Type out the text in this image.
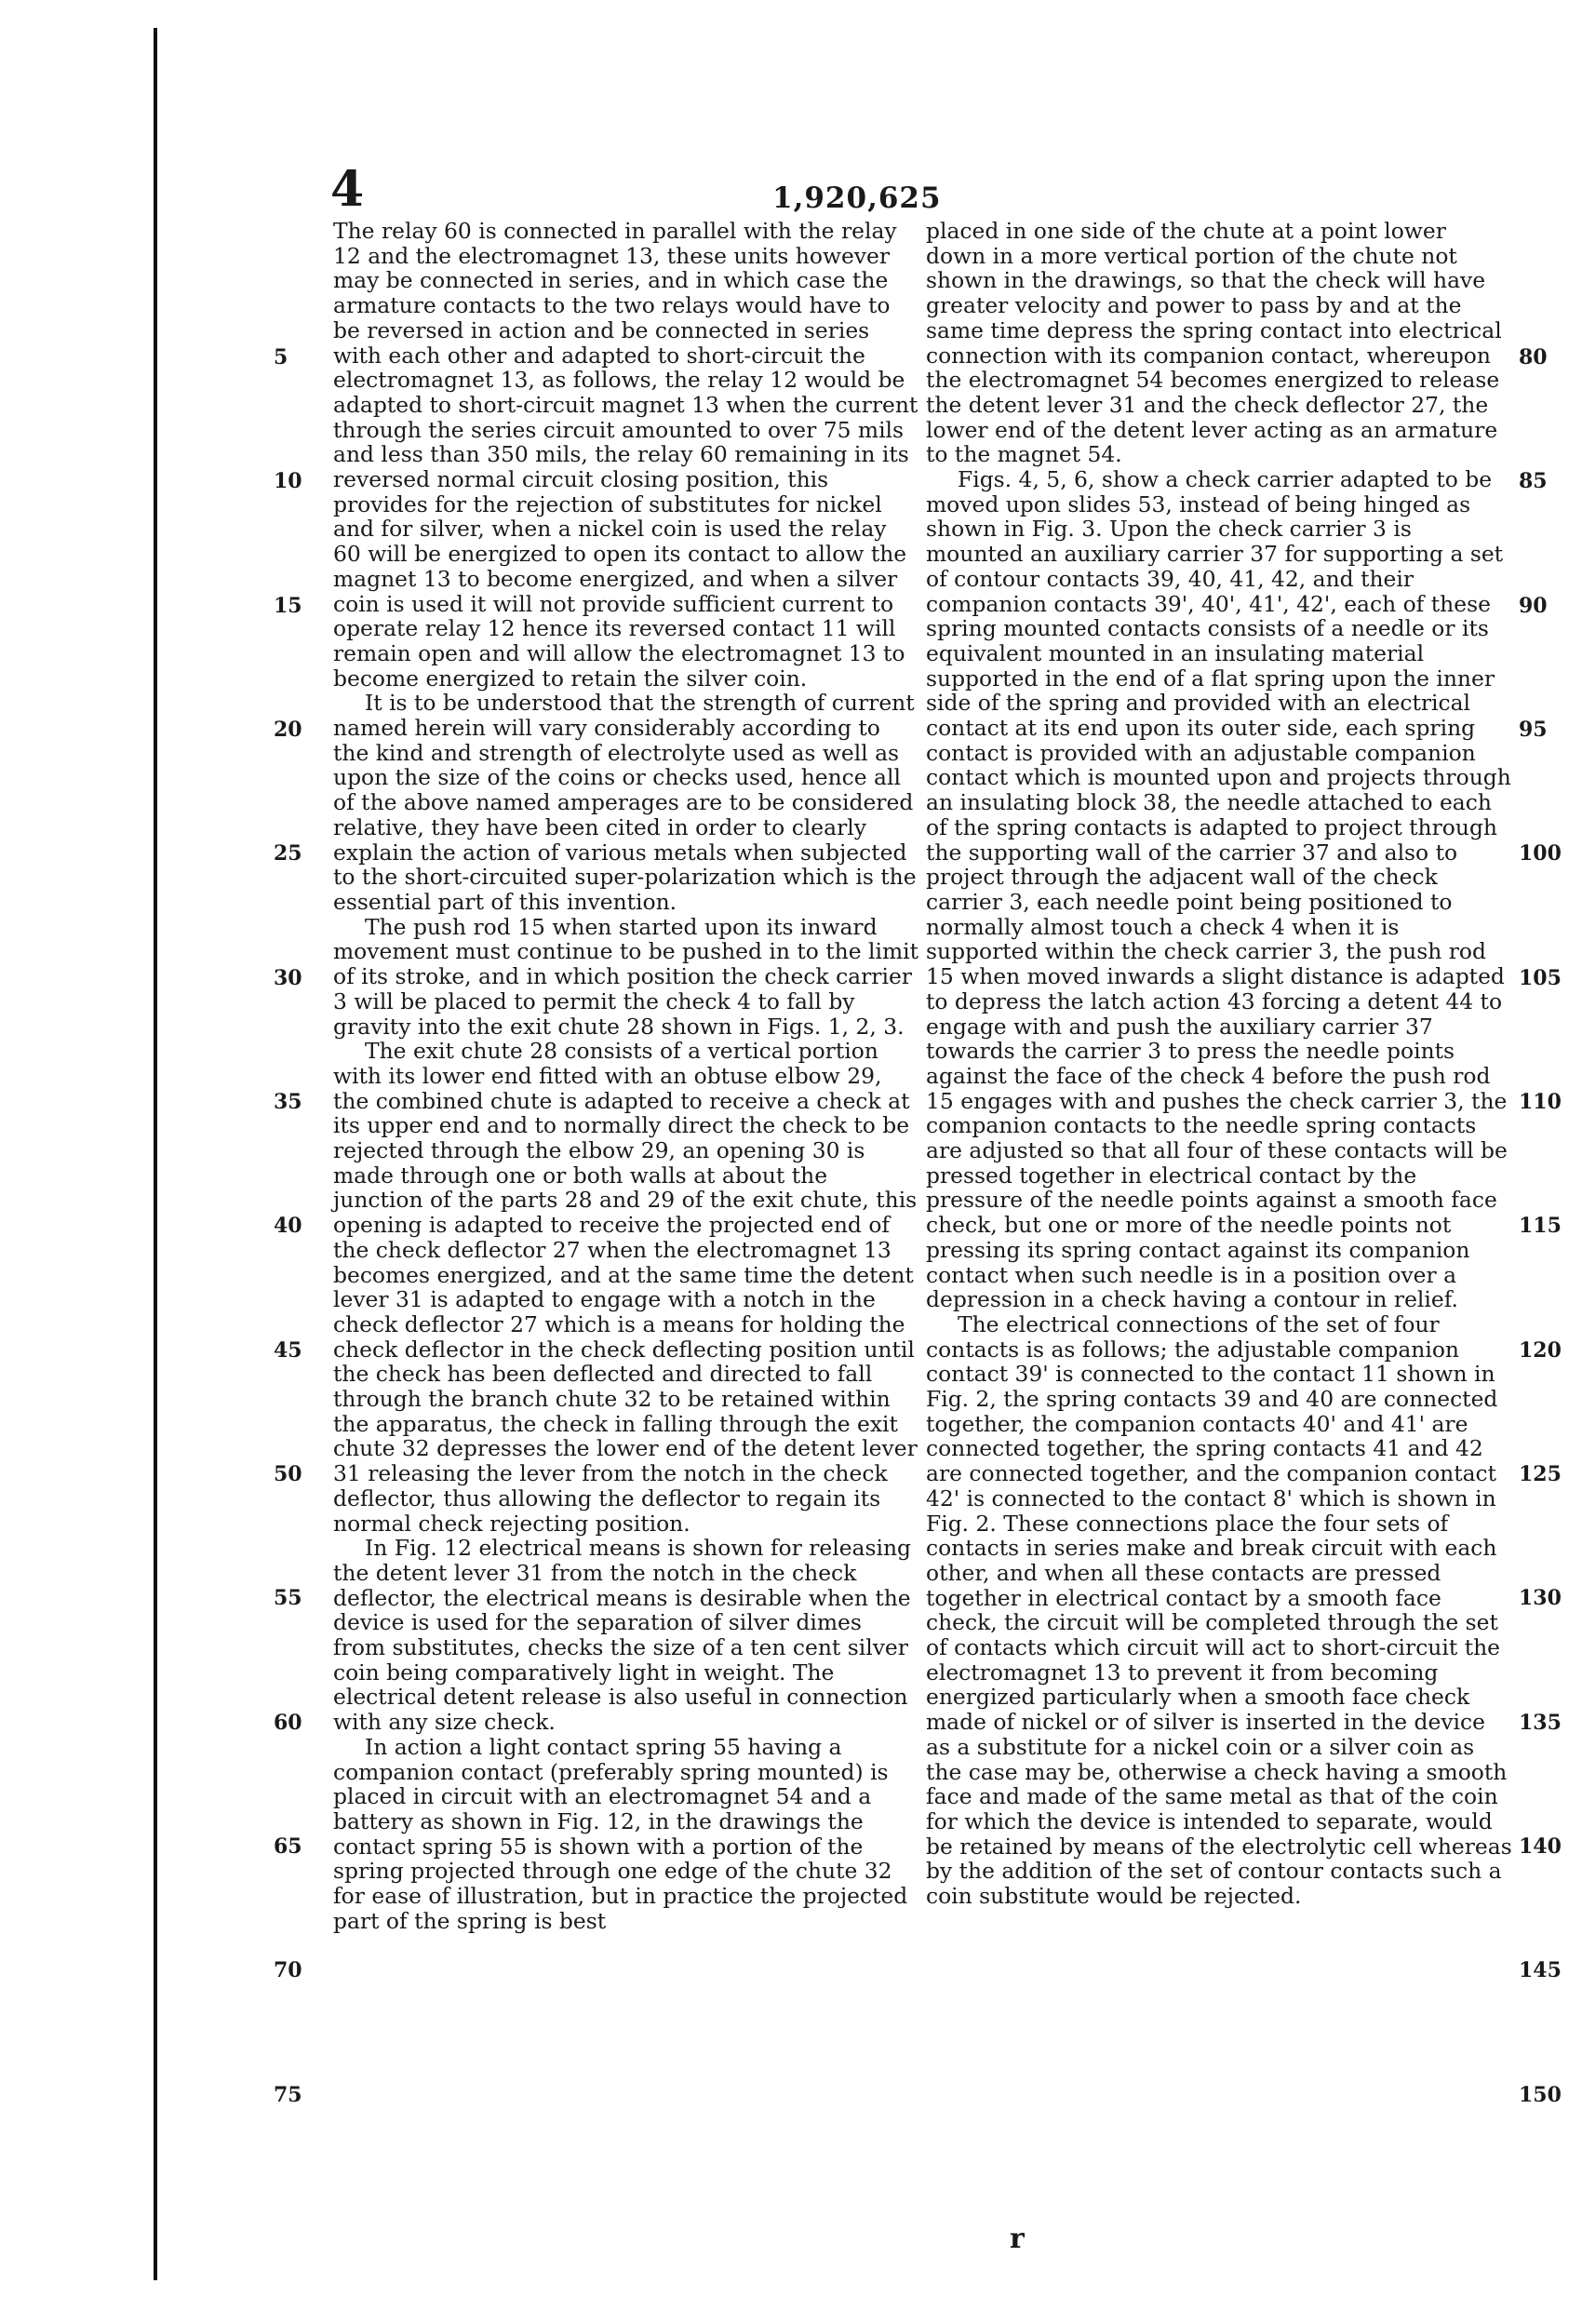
4	1,920,625

The relay 60 is connected in parallel with the relay 12 and the electromagnet 13, these units however may be connected in series, and in which case the armature contacts to the two relays would have to be reversed in action and be connected in series with each other and adapted to short-circuit the electromagnet 13, as follows, the relay 12 would be adapted to short-circuit magnet 13 when the current through the series circuit amounted to over 75 mils and less than 350 mils, the relay 60 remaining in its reversed normal circuit closing position, this provides for the rejection of substitutes for nickel and for silver, when a nickel coin is used the relay 60 will be energized to open its contact to allow the magnet 13 to become energized, and when a silver coin is used it will not provide sufficient current to operate relay 12 hence its reversed contact 11 will remain open and will allow the electromagnet 13 to become energized to retain the silver coin.

It is to be understood that the strength of current named herein will vary considerably according to the kind and strength of electrolyte used as well as upon the size of the coins or checks used, hence all of the above named amperages are to be considered relative, they have been cited in order to clearly explain the action of various metals when subjected to the short-circuited super-polarization which is the essential part of this invention.

The push rod 15 when started upon its inward movement must continue to be pushed in to the limit of its stroke, and in which position the check carrier 3 will be placed to permit the check 4 to fall by gravity into the exit chute 28 shown in Figs. 1, 2, 3.

The exit chute 28 consists of a vertical portion with its lower end fitted with an obtuse elbow 29, the combined chute is adapted to receive a check at its upper end and to normally direct the check to be rejected through the elbow 29, an opening 30 is made through one or both walls at about the junction of the parts 28 and 29 of the exit chute, this opening is adapted to receive the projected end of the check deflector 27 when the electromagnet 13 becomes energized, and at the same time the detent lever 31 is adapted to engage with a notch in the check deflector 27 which is a means for holding the check deflector in the check deflecting position until the check has been deflected and directed to fall through the branch chute 32 to be retained within the apparatus, the check in falling through the exit chute 32 depresses the lower end of the detent lever 31 releasing the lever from the notch in the check deflector, thus allowing the deflector to regain its normal check rejecting position.

In Fig. 12 electrical means is shown for releasing the detent lever 31 from the notch in the check deflector, the electrical means is desirable when the device is used for the separation of silver dimes from substitutes, checks the size of a ten cent silver coin being comparatively light in weight. The electrical detent release is also useful in connection with any size check.

In action a light contact spring 55 having a companion contact (preferably spring mounted) is placed in circuit with an electromagnet 54 and a battery as shown in Fig. 12, in the drawings the contact spring 55 is shown with a portion of the spring projected through one edge of the chute 32 for ease of illustration, but in practice the projected part of the spring is best

placed in one side of the chute at a point lower down in a more vertical portion of the chute not shown in the drawings, so that the check will have greater velocity and power to pass by and at the same time depress the spring contact into electrical connection with its companion contact, whereupon the electromagnet 54 becomes energized to release the detent lever 31 and the check deflector 27, the lower end of the detent lever acting as an armature to the magnet 54.

Figs. 4, 5, 6, show a check carrier adapted to be moved upon slides 53, instead of being hinged as shown in Fig. 3. Upon the check carrier 3 is mounted an auxiliary carrier 37 for supporting a set of contour contacts 39, 40, 41, 42, and their companion contacts 39', 40', 41', 42', each of these spring mounted contacts consists of a needle or its equivalent mounted in an insulating material supported in the end of a flat spring upon the inner side of the spring and provided with an electrical contact at its end upon its outer side, each spring contact is provided with an adjustable companion contact which is mounted upon and projects through an insulating block 38, the needle attached to each of the spring contacts is adapted to project through the supporting wall of the carrier 37 and also to project through the adjacent wall of the check carrier 3, each needle point being positioned to normally almost touch a check 4 when it is supported within the check carrier 3, the push rod 15 when moved inwards a slight distance is adapted to depress the latch action 43 forcing a detent 44 to engage with and push the auxiliary carrier 37 towards the carrier 3 to press the needle points against the face of the check 4 before the push rod 15 engages with and pushes the check carrier 3, the companion contacts to the needle spring contacts are adjusted so that all four of these contacts will be pressed together in electrical contact by the pressure of the needle points against a smooth face check, but one or more of the needle points not pressing its spring contact against its companion contact when such needle is in a position over a depression in a check having a contour in relief.

The electrical connections of the set of four contacts is as follows; the adjustable companion contact 39' is connected to the contact 11 shown in Fig. 2, the spring contacts 39 and 40 are connected together, the companion contacts 40' and 41' are connected together, the spring contacts 41 and 42 are connected together, and the companion contact 42' is connected to the contact 8' which is shown in Fig. 2. These connections place the four sets of contacts in series make and break circuit with each other, and when all these contacts are pressed together in electrical contact by a smooth face check, the circuit will be completed through the set of contacts which circuit will act to short-circuit the electromagnet 13 to prevent it from becoming energized particularly when a smooth face check made of nickel or of silver is inserted in the device as a substitute for a nickel coin or a silver coin as the case may be, otherwise a check having a smooth face and made of the same metal as that of the coin for which the device is intended to separate, would be retained by means of the electrolytic cell whereas by the addition of the set of contour contacts such a coin substitute would be rejected.

5
10
15
20
25
30
35
40
45
50
55
60
65
70
75
80
85
90
95
100
105
110
115
120
125
130
135
140
145
150
r
